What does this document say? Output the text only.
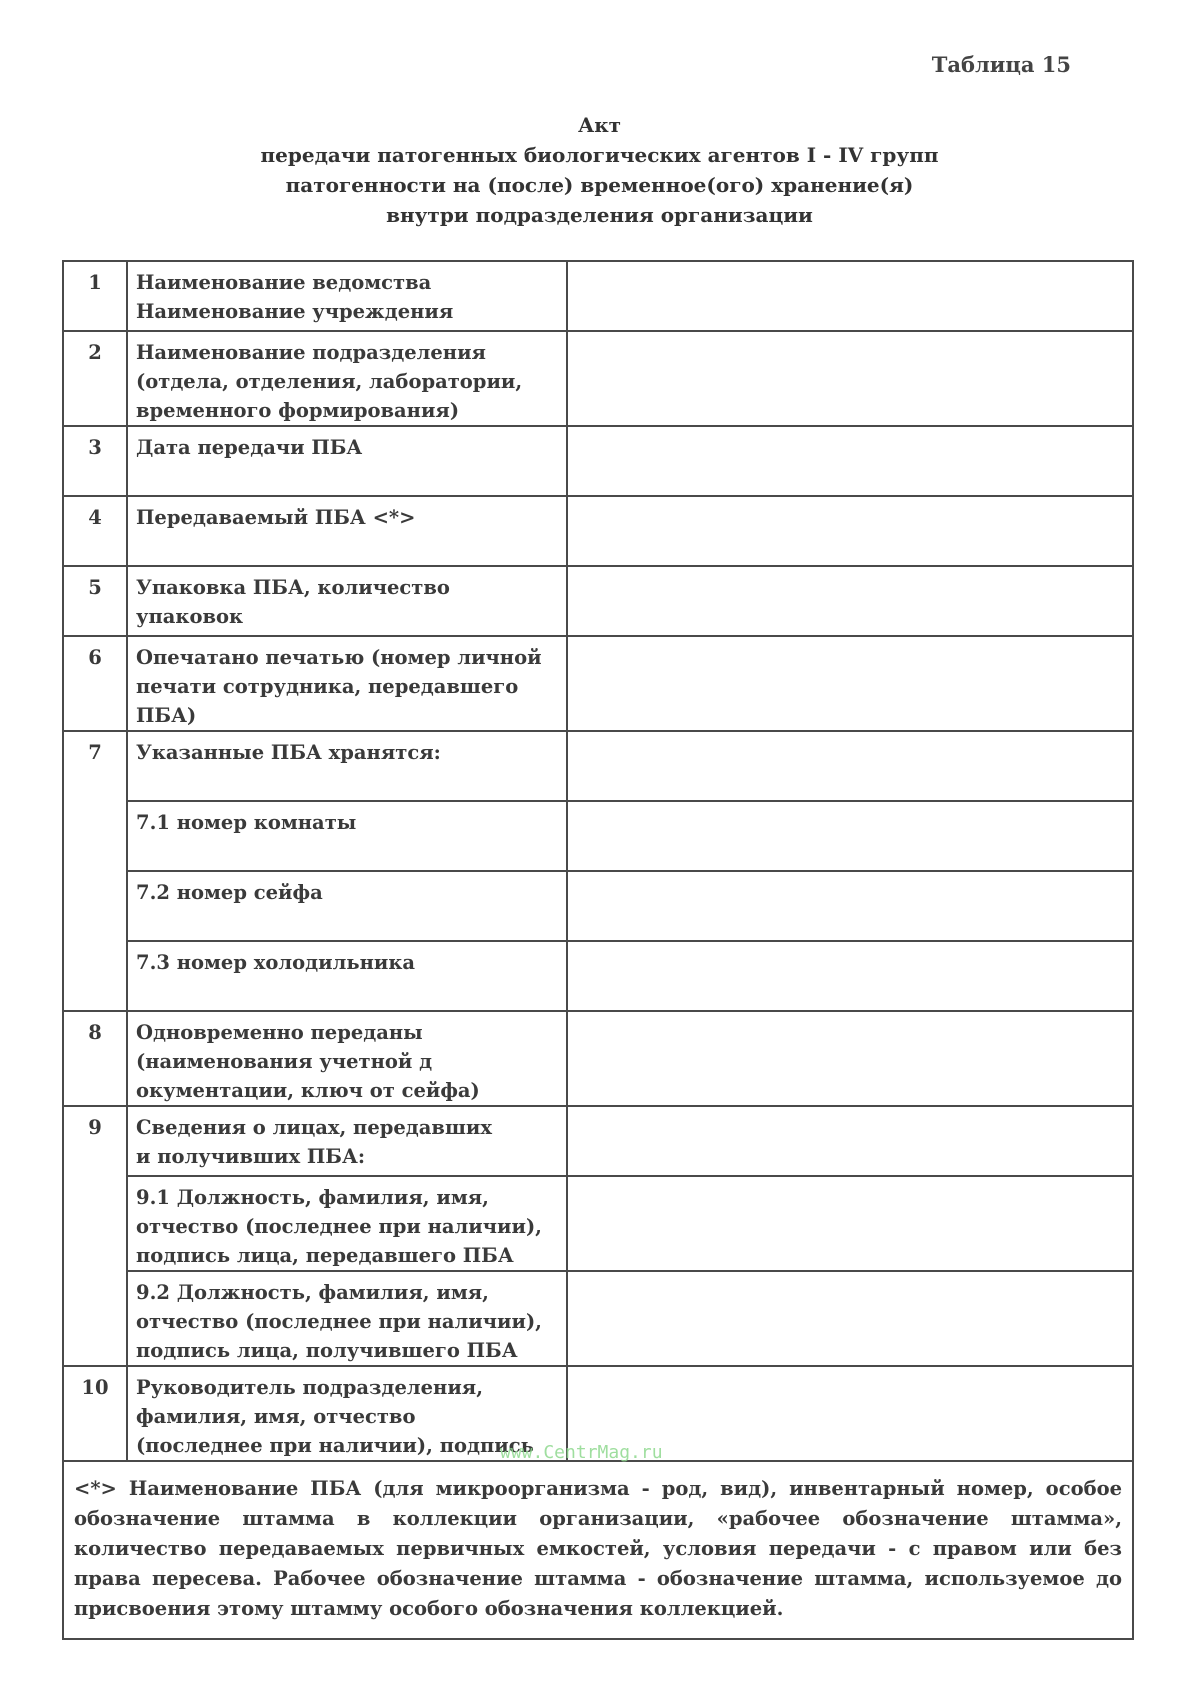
Таблица 15
Акт
передачи патогенных биологических агентов I - IV групп
патогенности на (после) временное(ого) хранение(я)
внутри подразделения организации
1	Наименование ведомства
Наименование учреждения	
2	Наименование подразделения
(отдела, отделения, лаборатории,
временного формирования)	
3	Дата передачи ПБА	
4	Передаваемый ПБА <*>	
5	Упаковка ПБА, количество упаковок	
6	Опечатано печатью (номер личной
печати сотрудника, передавшего
ПБА)	
7	Указанные ПБА хранятся:	
	7.1 номер комнаты	
	7.2 номер сейфа	
	7.3 номер холодильника	
8	Одновременно переданы
(наименования учетной д
окументации, ключ от сейфа)	
9	Сведения о лицах, передавших
и получивших ПБА:	
	9.1 Должность, фамилия, имя,
отчество (последнее при наличии),
подпись лица, передавшего ПБА	
	9.2 Должность, фамилия, имя,
отчество (последнее при наличии),
подпись лица, получившего ПБА	
10	Руководитель подразделения,
фамилия, имя, отчество
(последнее при наличии), подпись	
<*> Наименование ПБА (для микроорганизма - род, вид), инвентарный номер, особое обозначение штамма в коллекции организации, «рабочее обозначение штамма», количество передаваемых первичных емкостей, условия передачи - с правом или без права пересева. Рабочее обозначение штамма - обозначение штамма, используемое до присвоения этому штамму особого обозначения коллекцией.		
www.CentrMag.ru
